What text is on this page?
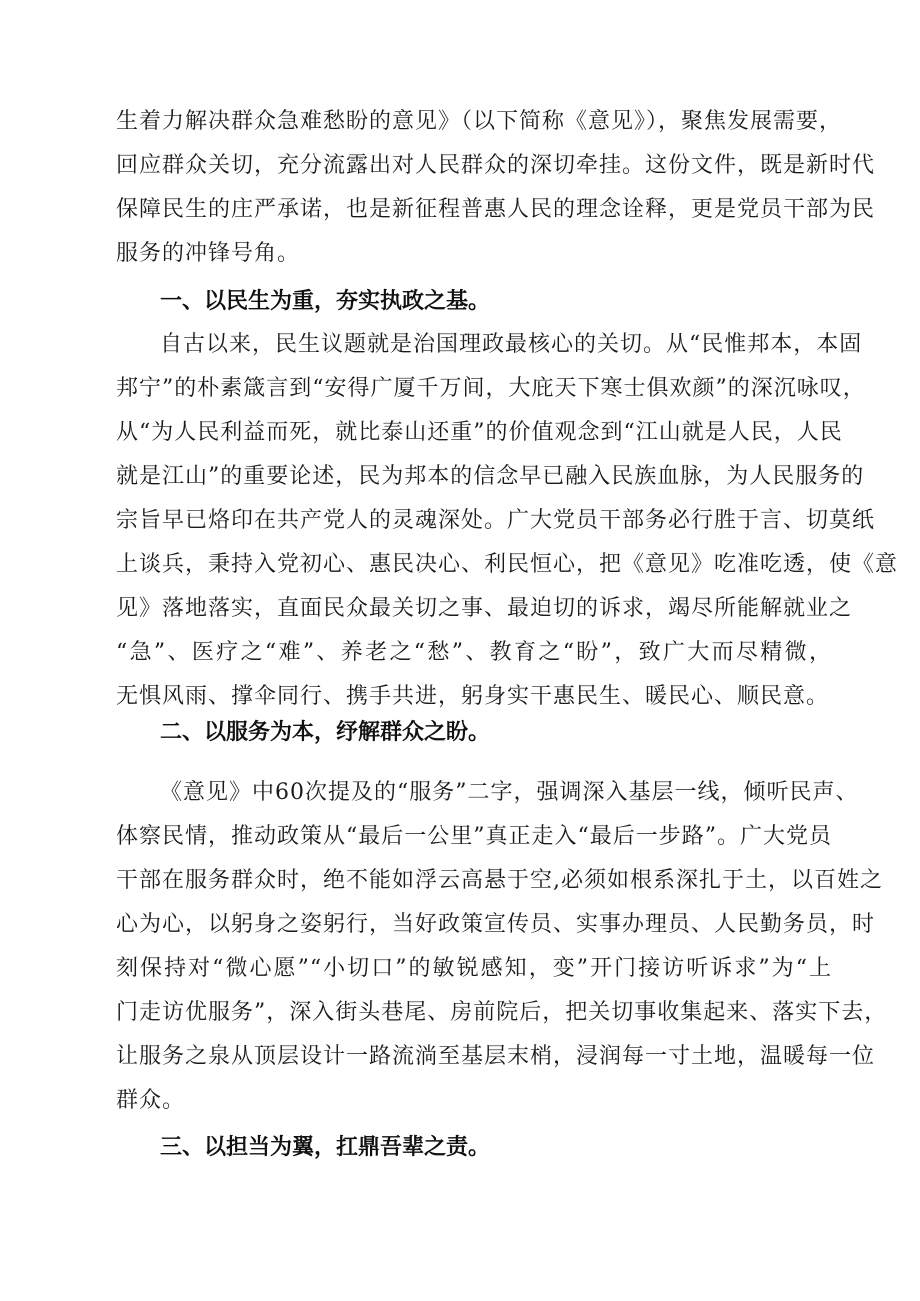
生着力解决群众急难愁盼的意见》（以下简称《意见》），聚焦发展需要，
回应群众关切，充分流露出对人民群众的深切牵挂。这份文件，既是新时代
保障民生的庄严承诺，也是新征程普惠人民的理念诠释，更是党员干部为民
服务的冲锋号角。
一、以民生为重，夯实执政之基。
自古以来，民生议题就是治国理政最核心的关切。从“民惟邦本，本固
邦宁”的朴素箴言到“安得广厦千万间，大庇天下寒士俱欢颜”的深沉咏叹，
从“为人民利益而死，就比泰山还重”的价值观念到“江山就是人民，人民
就是江山”的重要论述，民为邦本的信念早已融入民族血脉，为人民服务的
宗旨早已烙印在共产党人的灵魂深处。广大党员干部务必行胜于言、切莫纸
上谈兵，秉持入党初心、惠民决心、利民恒心，把《意见》吃准吃透，使《意
见》落地落实，直面民众最关切之事、最迫切的诉求，竭尽所能解就业之
“急”、医疗之“难”、养老之“愁”、教育之“盼”，致广大而尽精微，
无惧风雨、撑伞同行、携手共进，躬身实干惠民生、暖民心、顺民意。
二、以服务为本，纾解群众之盼。
《意见》中60次提及的“服务”二字，强调深入基层一线，倾听民声、
体察民情，推动政策从“最后一公里”真正走入“最后一步路”。广大党员
干部在服务群众时，绝不能如浮云高悬于空,必须如根系深扎于土，以百姓之
心为心，以躬身之姿躬行，当好政策宣传员、实事办理员、人民勤务员，时
刻保持对“微心愿”“小切口”的敏锐感知，变”开门接访听诉求”为“上
门走访优服务”，深入街头巷尾、房前院后，把关切事收集起来、落实下去，
让服务之泉从顶层设计一路流淌至基层末梢，浸润每一寸土地，温暖每一位
群众。
三、以担当为翼，扛鼎吾辈之责。
